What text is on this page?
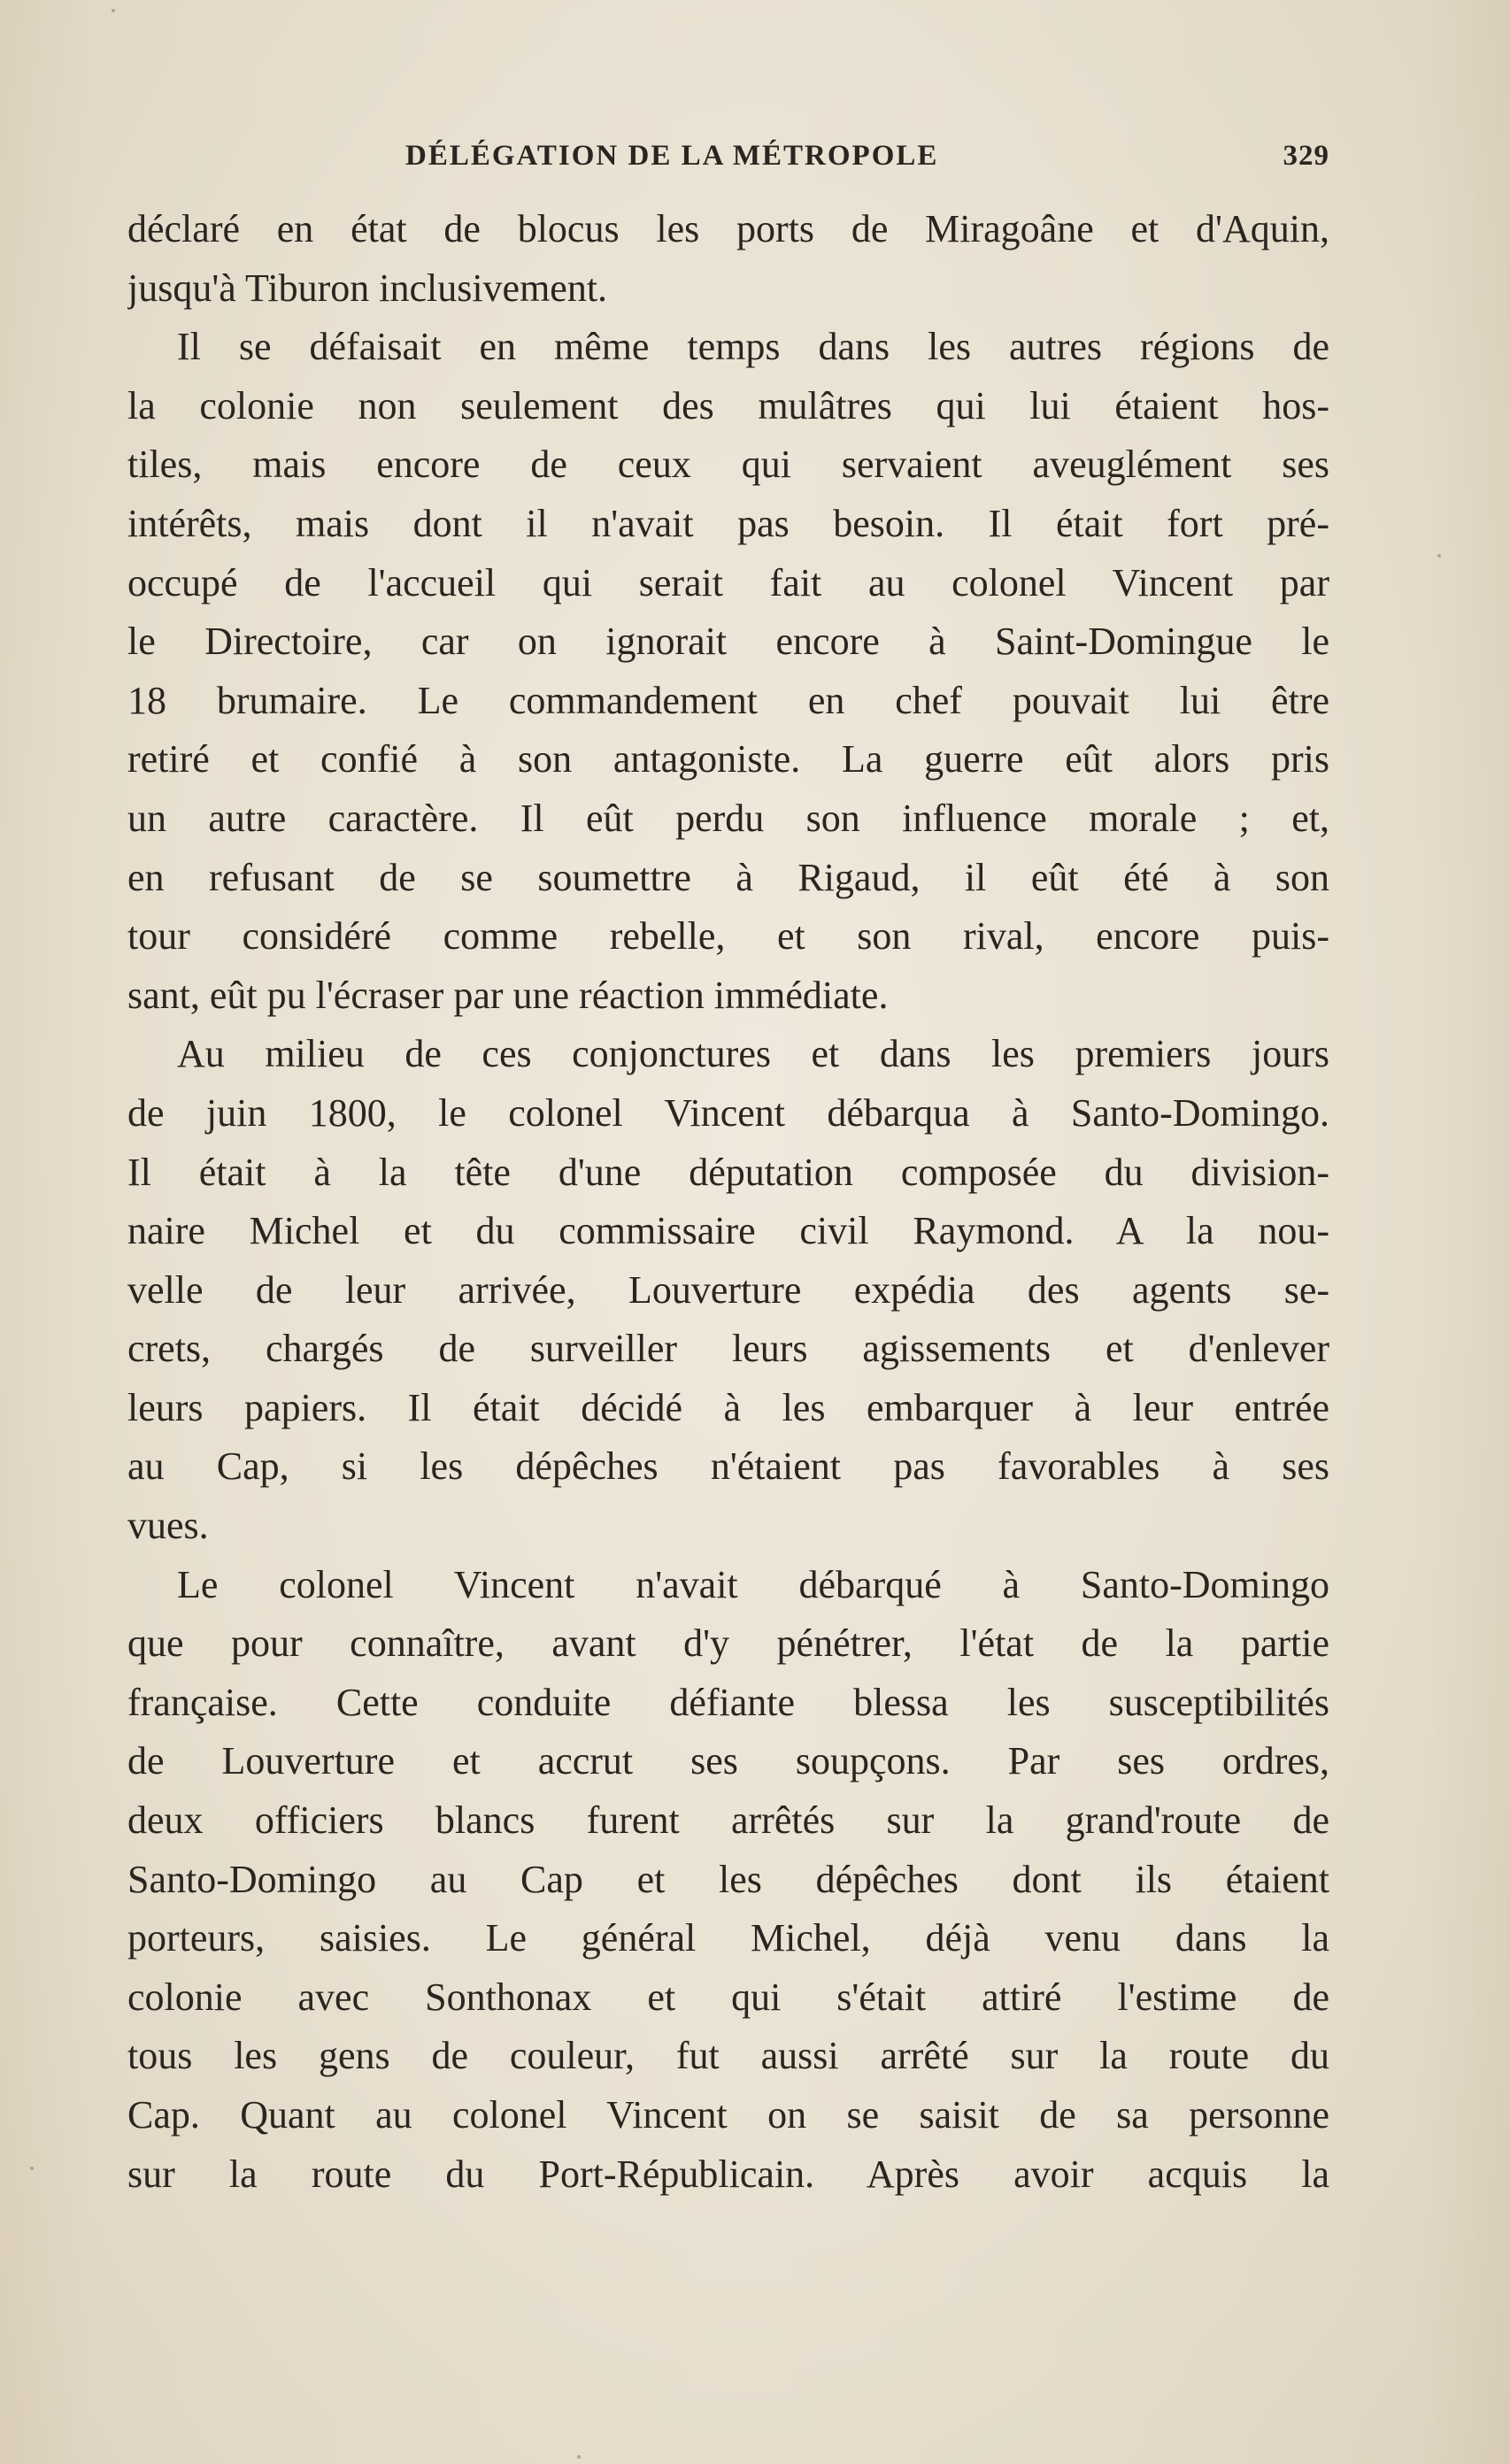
DÉLÉGATION DE LA MÉTROPOLE	329
déclaré en état de blocus les ports de Miragoâne et d'Aquin,
jusqu'à Tiburon inclusivement.
Il se défaisait en même temps dans les autres régions de
la colonie non seulement des mulâtres qui lui étaient hos-
tiles, mais encore de ceux qui servaient aveuglément ses
intérêts, mais dont il n'avait pas besoin. Il était fort pré-
occupé de l'accueil qui serait fait au colonel Vincent par
le Directoire, car on ignorait encore à Saint-Domingue le
18 brumaire. Le commandement en chef pouvait lui être
retiré et confié à son antagoniste. La guerre eût alors pris
un autre caractère. Il eût perdu son influence morale ; et,
en refusant de se soumettre à Rigaud, il eût été à son
tour considéré comme rebelle, et son rival, encore puis-
sant, eût pu l'écraser par une réaction immédiate.
Au milieu de ces conjonctures et dans les premiers jours
de juin 1800, le colonel Vincent débarqua à Santo-Domingo.
Il était à la tête d'une députation composée du division-
naire Michel et du commissaire civil Raymond. A la nou-
velle de leur arrivée, Louverture expédia des agents se-
crets, chargés de surveiller leurs agissements et d'enlever
leurs papiers. Il était décidé à les embarquer à leur entrée
au Cap, si les dépêches n'étaient pas favorables à ses
vues.
Le colonel Vincent n'avait débarqué à Santo-Domingo
que pour connaître, avant d'y pénétrer, l'état de la partie
française. Cette conduite défiante blessa les susceptibilités
de Louverture et accrut ses soupçons. Par ses ordres,
deux officiers blancs furent arrêtés sur la grand'route de
Santo-Domingo au Cap et les dépêches dont ils étaient
porteurs, saisies. Le général Michel, déjà venu dans la
colonie avec Sonthonax et qui s'était attiré l'estime de
tous les gens de couleur, fut aussi arrêté sur la route du
Cap. Quant au colonel Vincent on se saisit de sa personne
sur la route du Port-Républicain. Après avoir acquis la
